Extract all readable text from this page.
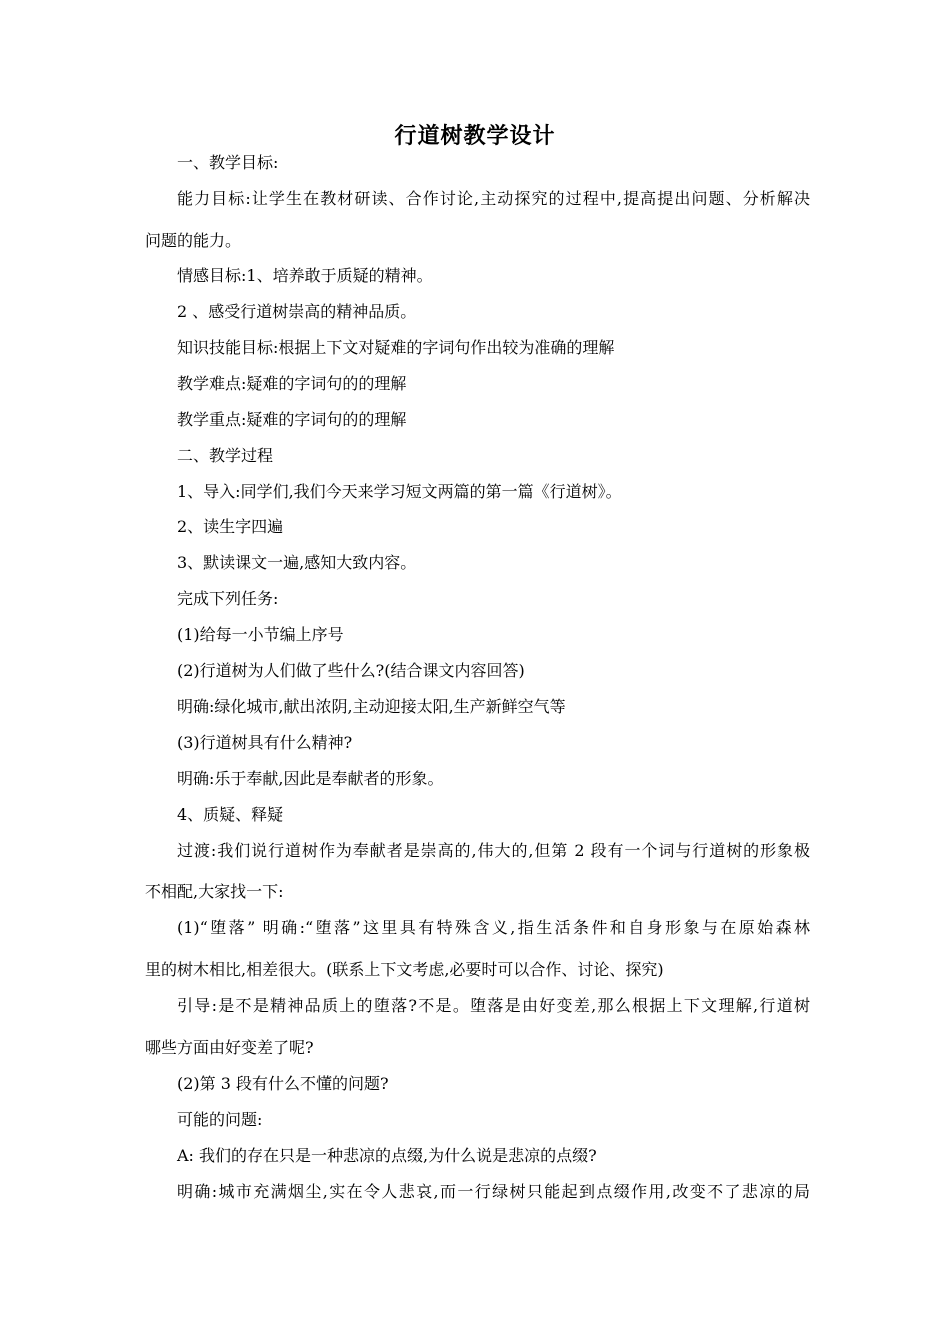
行道树教学设计
一、教学目标:
能力目标:让学生在教材研读、合作讨论,主动探究的过程中,提高提出问题、分析解决
问题的能力。
情感目标:1、培养敢于质疑的精神。
2 、感受行道树崇高的精神品质。
知识技能目标:根据上下文对疑难的字词句作出较为准确的理解
教学难点:疑难的字词句的的理解
教学重点:疑难的字词句的的理解
二、教学过程
1、导入:同学们,我们今天来学习短文两篇的第一篇《行道树》。
2、读生字四遍
3、默读课文一遍,感知大致内容。
完成下列任务:
(1)给每一小节编上序号
(2)行道树为人们做了些什么?(结合课文内容回答)
明确:绿化城市,献出浓阴,主动迎接太阳,生产新鲜空气等
(3)行道树具有什么精神?
明确:乐于奉献,因此是奉献者的形象。
4、质疑、释疑
过渡:我们说行道树作为奉献者是崇高的,伟大的,但第 2 段有一个词与行道树的形象极
不相配,大家找一下:
(1)“堕落” 明确:“堕落”这里具有特殊含义,指生活条件和自身形象与在原始森林
里的树木相比,相差很大。(联系上下文考虑,必要时可以合作、讨论、探究)
引导:是不是精神品质上的堕落?不是。堕落是由好变差,那么根据上下文理解,行道树
哪些方面由好变差了呢?
(2)第 3 段有什么不懂的问题?
可能的问题:
A: 我们的存在只是一种悲凉的点缀,为什么说是悲凉的点缀?
明确:城市充满烟尘,实在令人悲哀,而一行绿树只能起到点缀作用,改变不了悲凉的局
